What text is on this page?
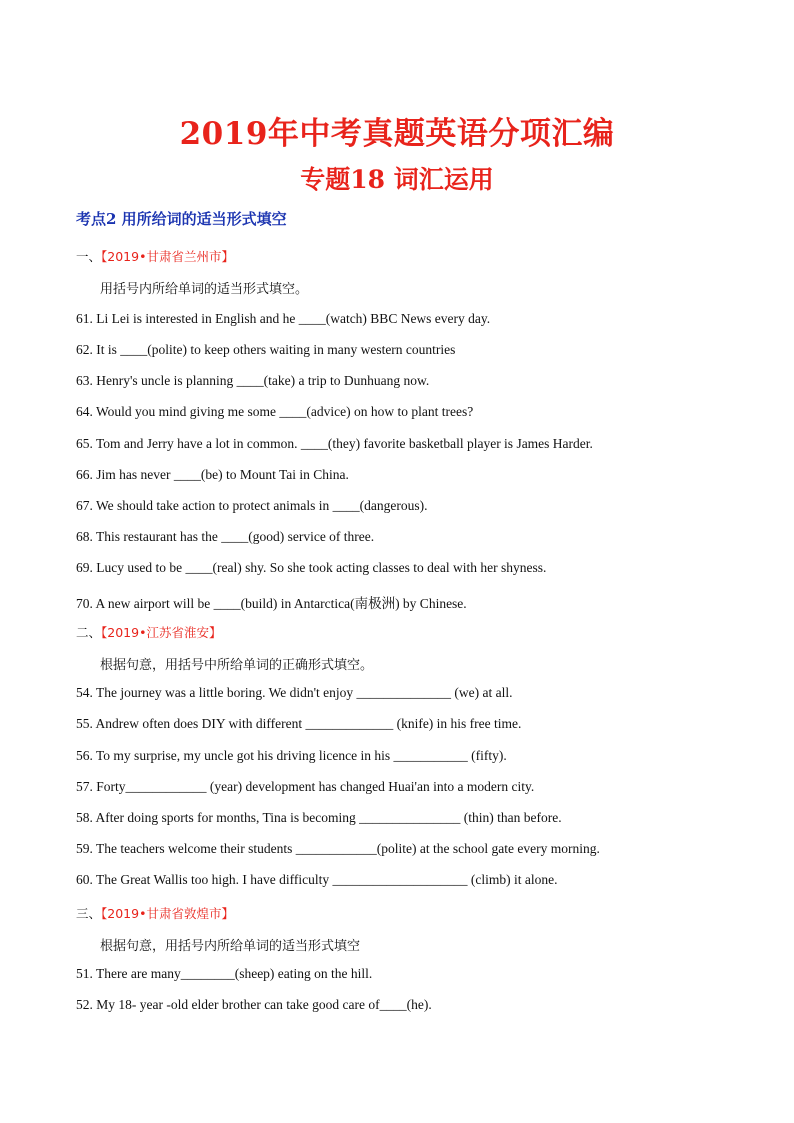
2019年中考真题英语分项汇编
专题18 词汇运用
考点2 用所给词的适当形式填空
一、【2019•甘肃省兰州市】
用括号内所给单词的适当形式填空。
61. Li Lei is interested in English and he ____(watch) BBC News every day.
62. It is ____(polite) to keep others waiting in many western countries
63. Henry's uncle is planning ____(take) a trip to Dunhuang now.
64. Would you mind giving me some ____(advice) on how to plant trees?
65. Tom and Jerry have a lot in common. ____(they) favorite basketball player is James Harder.
66. Jim has never ____(be) to Mount Tai in China.
67. We should take action to protect animals in ____(dangerous).
68. This restaurant has the ____(good) service of three.
69. Lucy used to be ____(real) shy. So she took acting classes to deal with her shyness.
70. A new airport will be ____(build) in Antarctica(南极洲) by Chinese.
二、【2019•江苏省淮安】
根据句意，用括号中所给单词的正确形式填空。
54. The journey was a little boring. We didn't enjoy ______________ (we) at all.
55. Andrew often does DIY with different _____________ (knife) in his free time.
56. To my surprise, my uncle got his driving licence in his ___________ (fifty).
57. Forty____________ (year) development has changed Huai'an into a modern city.
58. After doing sports for months, Tina is becoming _______________ (thin) than before.
59. The teachers welcome their students ____________(polite) at the school gate every morning.
60. The Great Wallis too high. I have difficulty ____________________ (climb) it alone.
三、【2019•甘肃省敦煌市】
根据句意，用括号内所给单词的适当形式填空
51. There are many________(sheep) eating on the hill.
52. My 18- year -old elder brother can take good care of____(he).
